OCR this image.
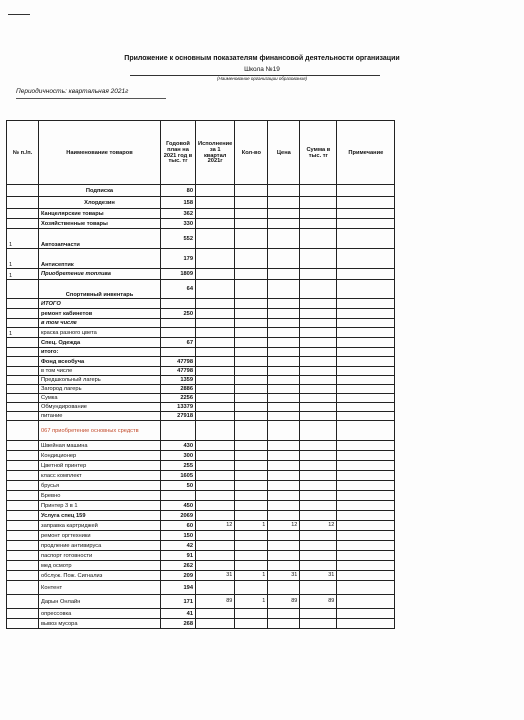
Приложение к основным показателям финансовой деятельности организации
Школа №19
(Наименование организации образования)
Периодичность: квартальная 2021г
№ п./п.	Наименование товаров	Годовой план на 2021 год в тыс. тг	Исполнение за 1 квартал 2021г	Кол-во	Цена	Сумма в тыс. тг	Примечание
	Подписка	80					
	Хлордезин	158					
	Канцелярские товары	362					
	Хозяйственные товары	330					
1	Автозапчасти	552					
1	Антисептик	179					
1	Приобретение топлива	1809					
	Спортивный инвентарь	64					
	ИТОГО						
	ремонт кабинетов	250					
	в том числе						
1	краска разного цвета						
	Спец. Одежда	67					
	итого:						
	Фонд всеобуча	47798					
	в том числе	47798					
	Предшкольный лагерь	1359					
	Загород лагерь	2886					
	Сумка	2256					
	Обмундирование	13379					
	питание	27918					
	067 приобретение основных средств						
	Швейная машина	430					
	Кондиционер	300					
	Цветной принтер	255					
	класс комплект	1605					
	брусья	50					
	Бревно						
	Принтер 3 в 1	450					
	Услуга спец 159	2069					
	заправка картриджей	60	12	1	12	12	
	ремонт оргтехники	150					
	продление антивируса	42					
	паспорт готовности	91					
	мед осмотр	262					
	обслуж. Пож. Сигнализ	209	31	1	31	31	
	Контент	194					
	Дарын Онлайн	171	89	1	89	89	
	опрессовка	41					
	вывоз мусора	268					
